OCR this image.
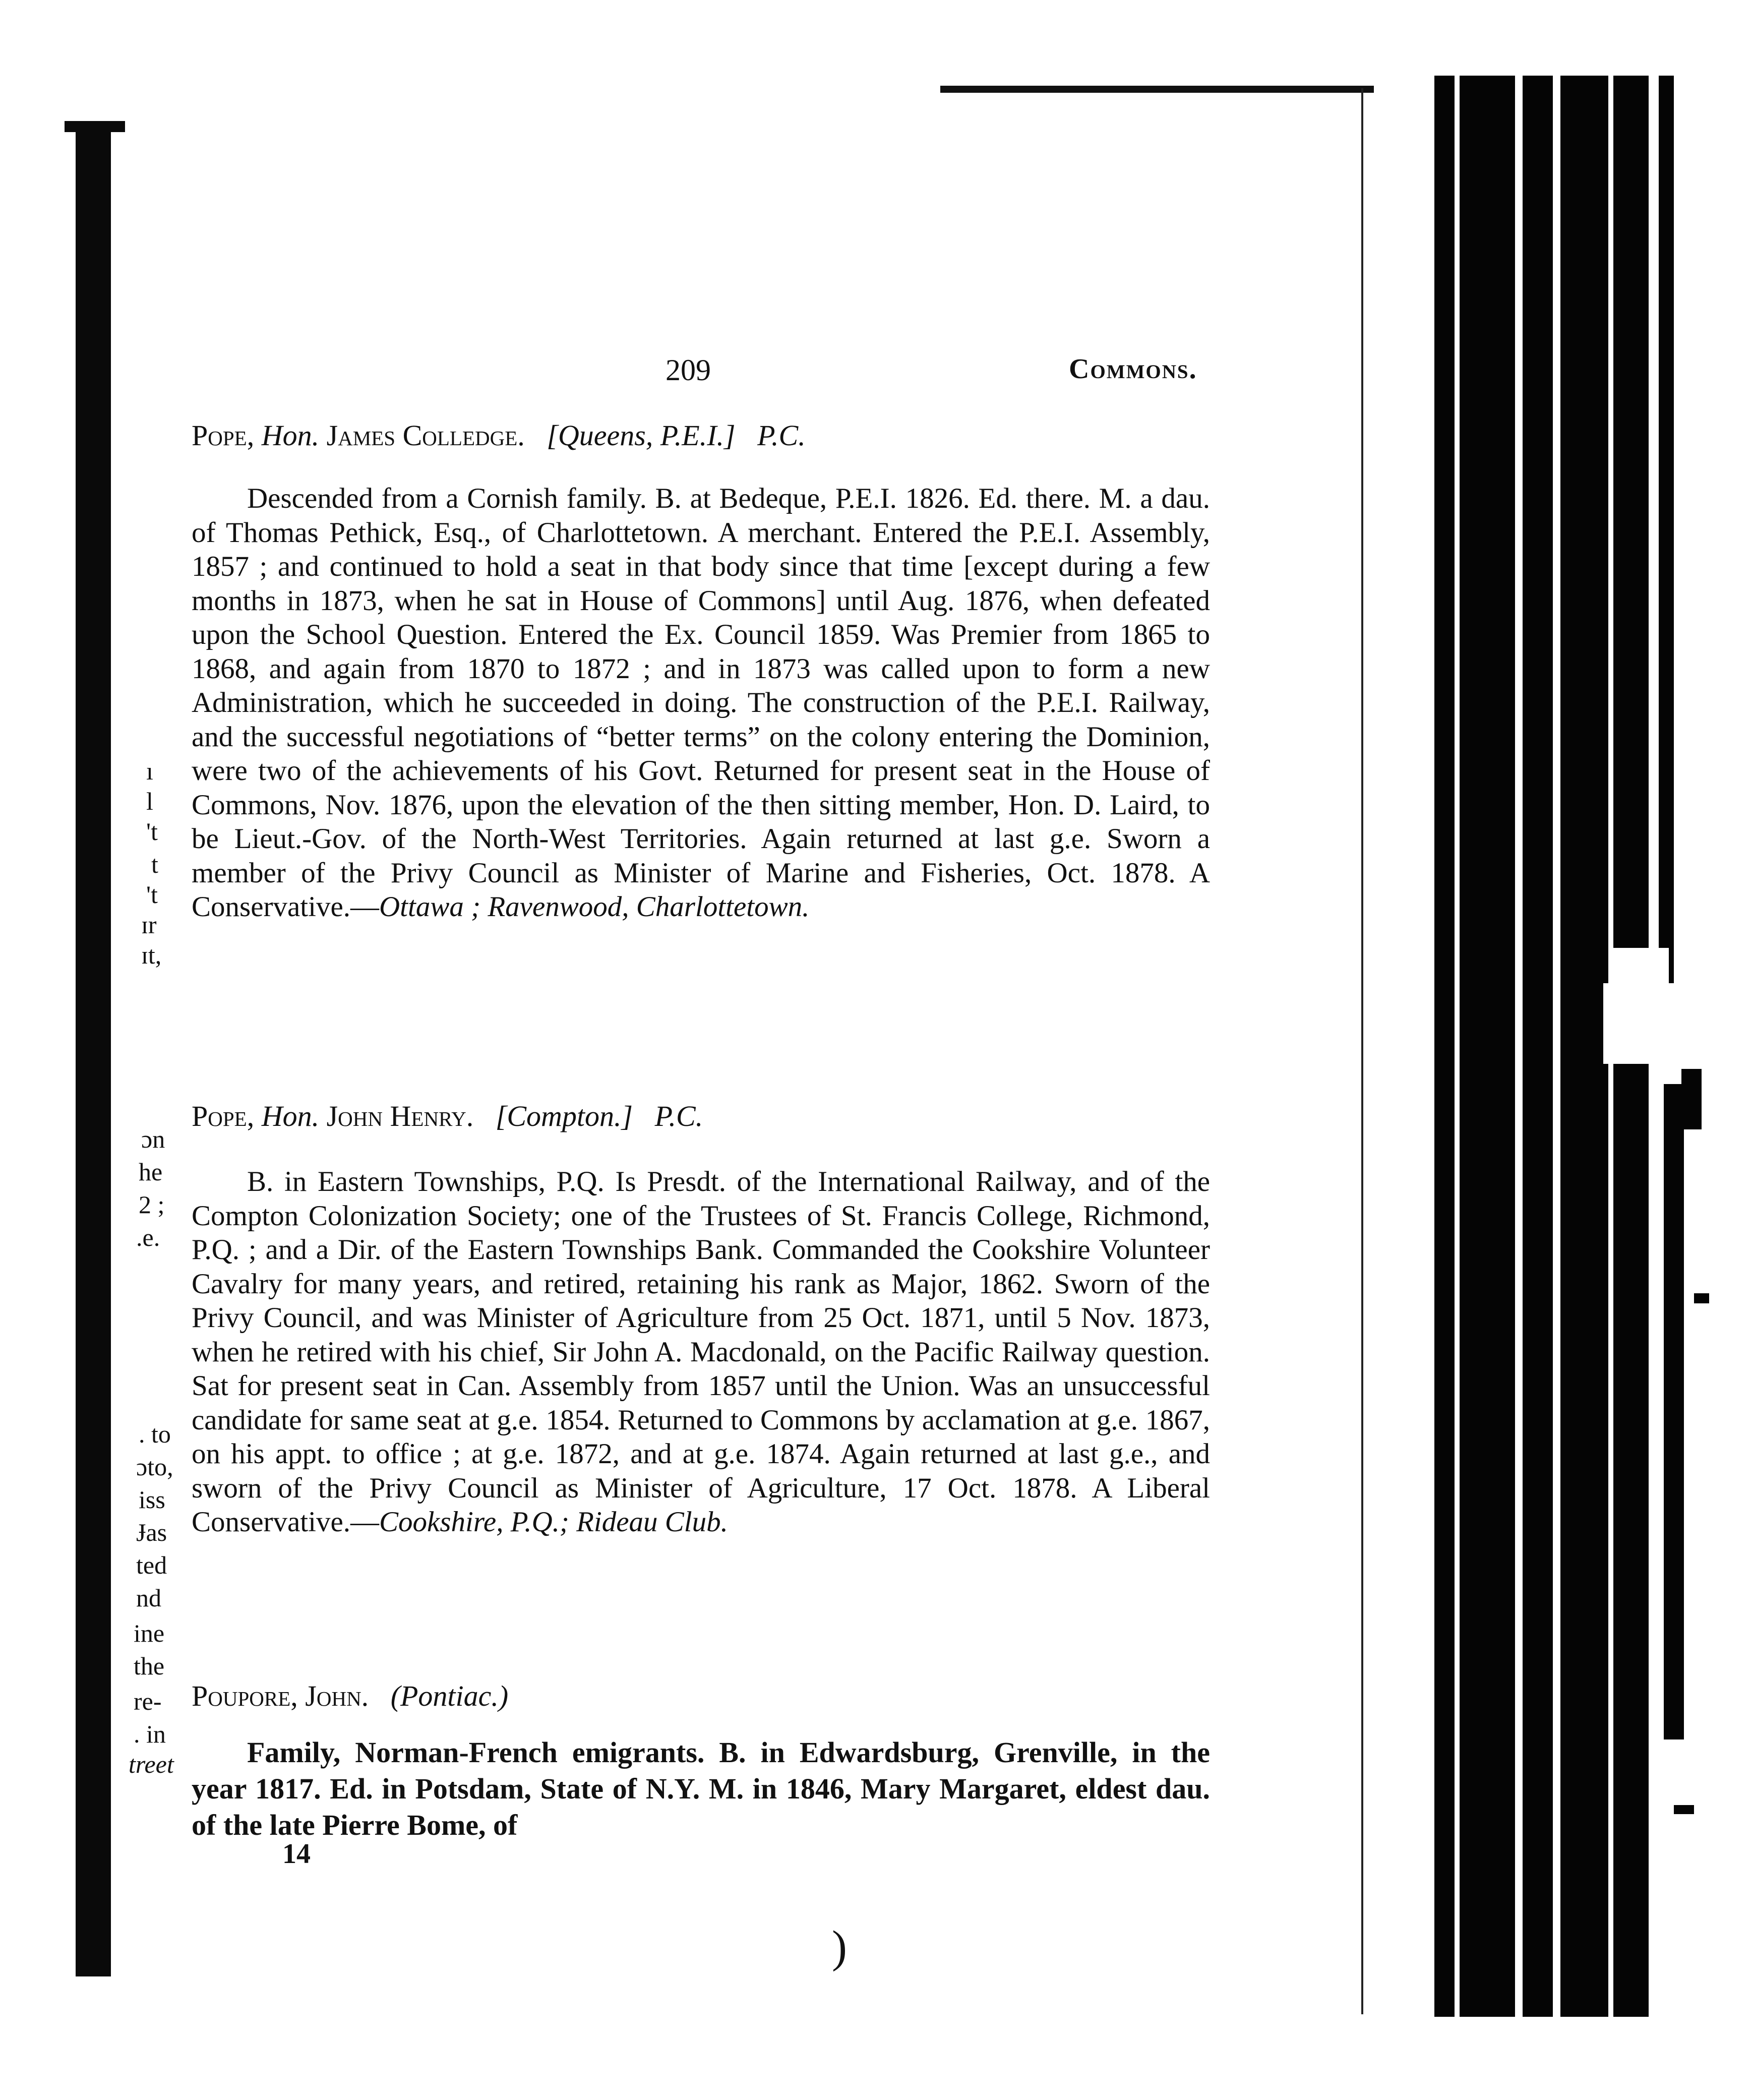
ı
l
't
t
't
ɪr
ɪt,
ɔn
he
2 ;
.e.
. to
ɔto,
iss
Ɉas
ted
nd
ine
the
re-
. in
treet
209	Commons.
Pope, Hon. James Colledge. [Queens, P.E.I.] P.C.
Descended from a Cornish family. B. at Bedeque, P.E.I. 1826. Ed. there. M. a dau. of Thomas Pethick, Esq., of Charlottetown. A merchant. Entered the P.E.I. Assembly, 1857 ; and continued to hold a seat in that body since that time [except during a few months in 1873, when he sat in House of Commons] until Aug. 1876, when defeated upon the School Question. Entered the Ex. Council 1859. Was Premier from 1865 to 1868, and again from 1870 to 1872 ; and in 1873 was called upon to form a new Administration, which he succeeded in doing. The construction of the P.E.I. Railway, and the successful negotiations of “better terms” on the colony entering the Dominion, were two of the achievements of his Govt. Returned for present seat in the House of Commons, Nov. 1876, upon the elevation of the then sitting member, Hon. D. Laird, to be Lieut.-Gov. of the North-West Territories. Again returned at last g.e. Sworn a member of the Privy Council as Minister of Marine and Fisheries, Oct. 1878. A Conservative.—Ottawa ; Ravenwood, Charlottetown.
Pope, Hon. John Henry. [Compton.] P.C.
B. in Eastern Townships, P.Q. Is Presdt. of the International Railway, and of the Compton Colonization Society; one of the Trustees of St. Francis College, Richmond, P.Q. ; and a Dir. of the Eastern Townships Bank. Commanded the Cookshire Volunteer Cavalry for many years, and retired, retaining his rank as Major, 1862. Sworn of the Privy Council, and was Minister of Agriculture from 25 Oct. 1871, until 5 Nov. 1873, when he retired with his chief, Sir John A. Macdonald, on the Pacific Railway question. Sat for present seat in Can. Assembly from 1857 until the Union. Was an unsuccessful candidate for same seat at g.e. 1854. Returned to Commons by acclamation at g.e. 1867, on his appt. to office ; at g.e. 1872, and at g.e. 1874. Again returned at last g.e., and sworn of the Privy Council as Minister of Agriculture, 17 Oct. 1878. A Liberal Conservative.—Cookshire, P.Q.; Rideau Club.
Poupore, John. (Pontiac.)
Family, Norman-French emigrants. B. in Edwardsburg, Grenville, in the year 1817. Ed. in Potsdam, State of N.Y. M. in 1846, Mary Margaret, eldest dau. of the late Pierre Bome, of
14
)
